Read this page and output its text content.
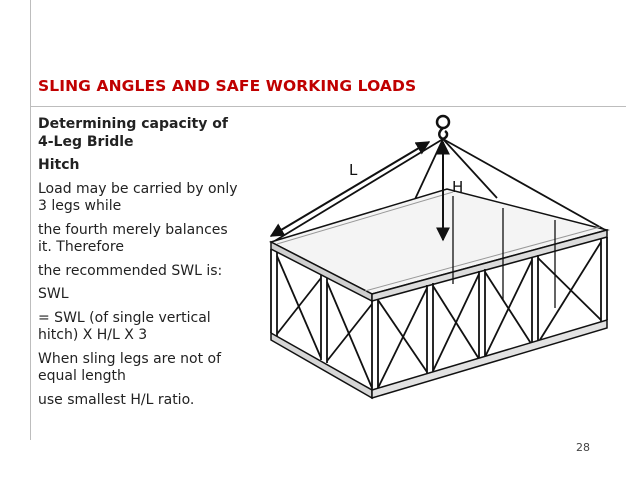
SLING ANGLES AND SAFE WORKING LOADS

Determining capacity of 4-Leg Bridle

Hitch

Load may be carried by only 3 legs while

the fourth merely balances it. Therefore

the recommended SWL is:

SWL

= SWL (of single vertical hitch) X H/L X 3

When sling legs are not of equal length

use smallest H/L ratio.

L
H
28
